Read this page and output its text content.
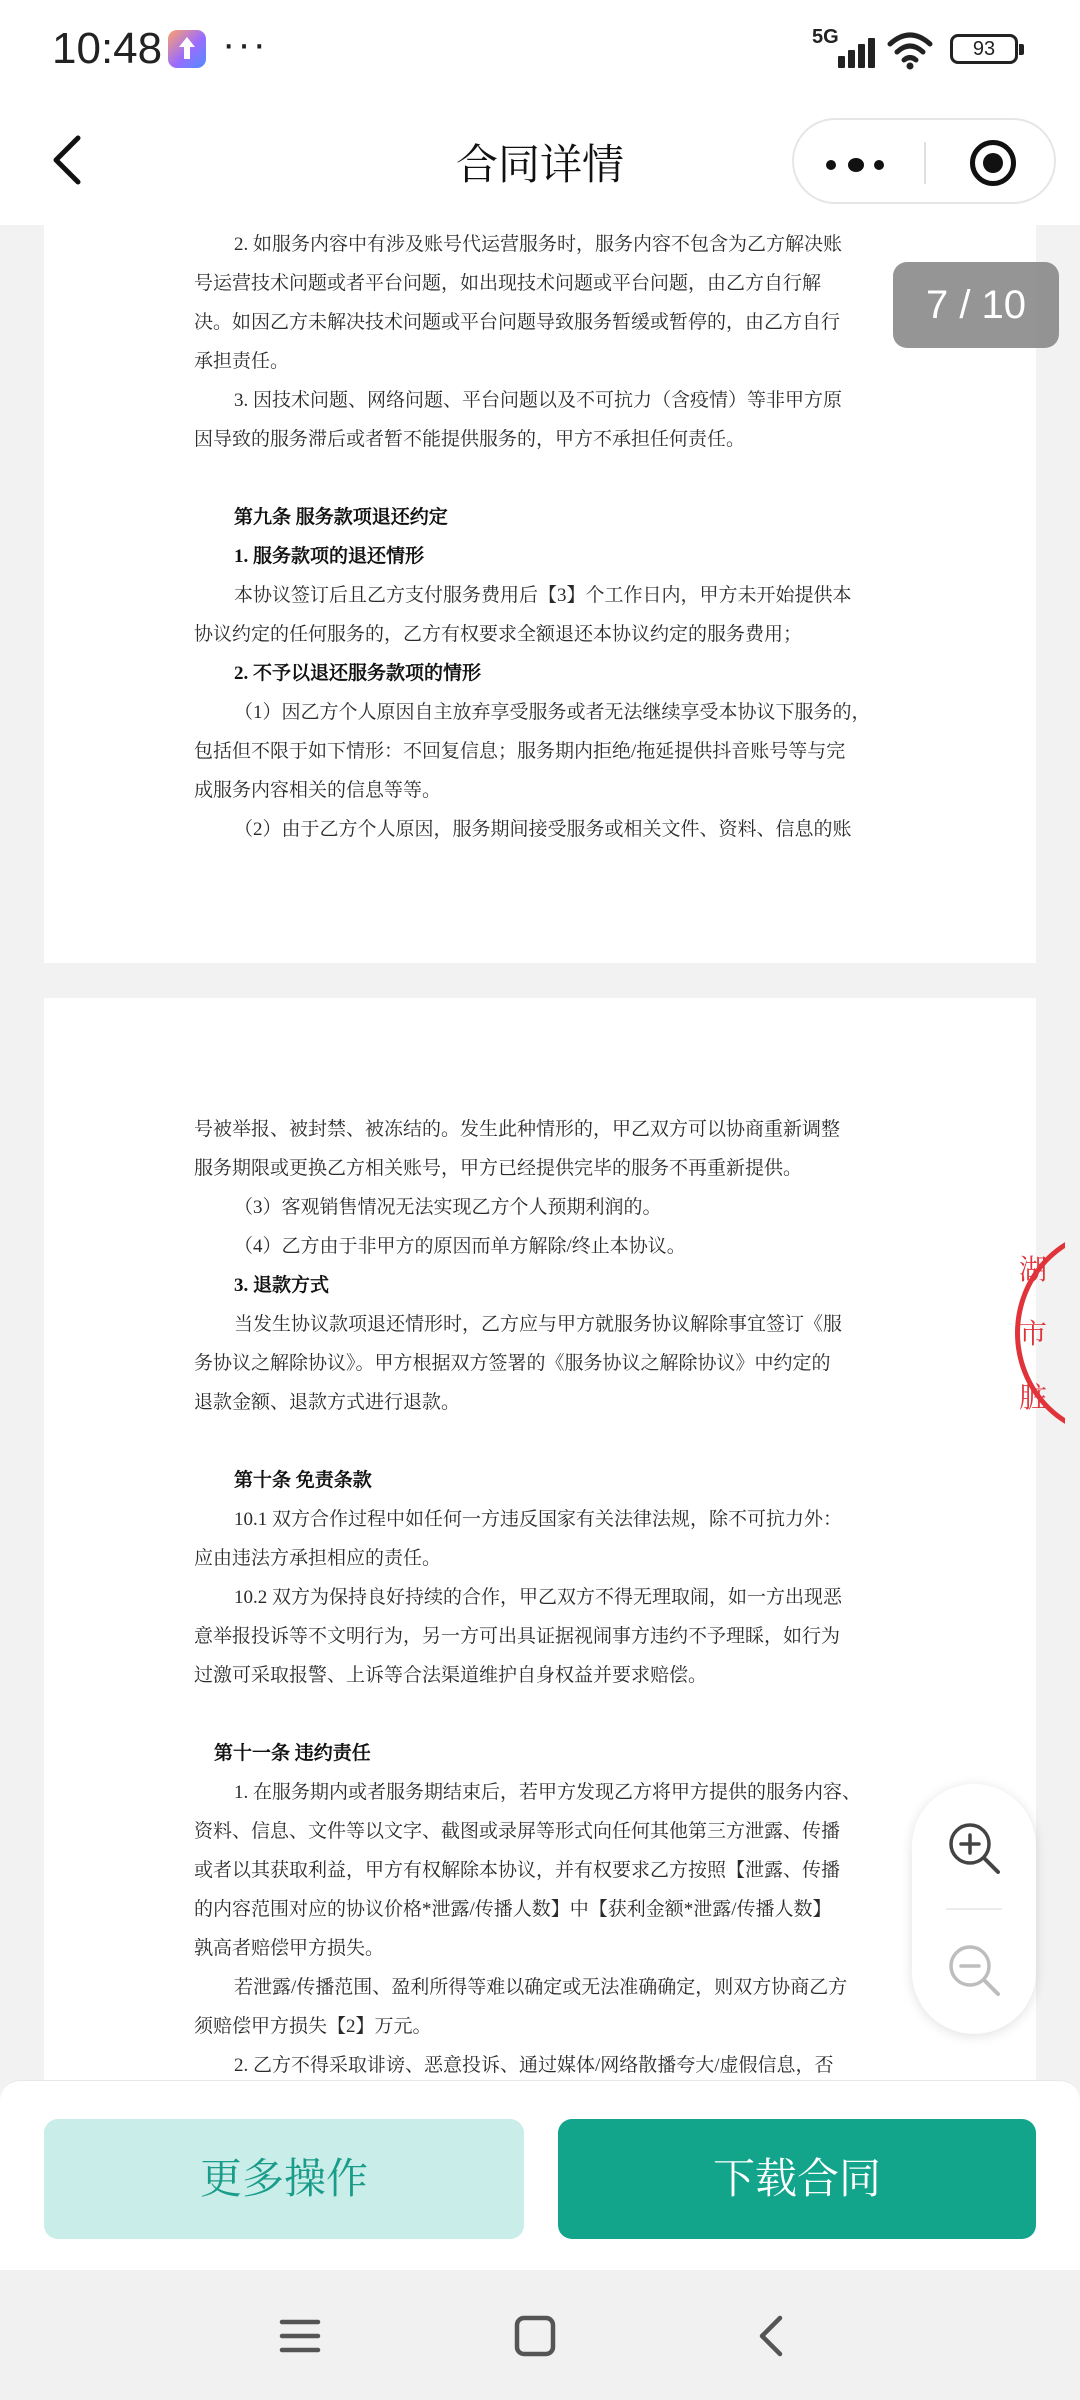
10:48 ···	5G
93
合同详情
2. 如服务内容中有涉及账号代运营服务时，服务内容不包含为乙方解决账
号运营技术问题或者平台问题，如出现技术问题或平台问题，由乙方自行解
决。如因乙方未解决技术问题或平台问题导致服务暂缓或暂停的，由乙方自行
承担责任。
3. 因技术问题、网络问题、平台问题以及不可抗力（含疫情）等非甲方原
因导致的服务滞后或者暂不能提供服务的，甲方不承担任何责任。
第九条 服务款项退还约定
1. 服务款项的退还情形
本协议签订后且乙方支付服务费用后【3】个工作日内，甲方未开始提供本
协议约定的任何服务的，乙方有权要求全额退还本协议约定的服务费用；
2. 不予以退还服务款项的情形
（1）因乙方个人原因自主放弃享受服务或者无法继续享受本协议下服务的，
包括但不限于如下情形：不回复信息；服务期内拒绝/拖延提供抖音账号等与完
成服务内容相关的信息等等。
（2）由于乙方个人原因，服务期间接受服务或相关文件、资料、信息的账
号被举报、被封禁、被冻结的。发生此种情形的，甲乙双方可以协商重新调整
服务期限或更换乙方相关账号，甲方已经提供完毕的服务不再重新提供。
（3）客观销售情况无法实现乙方个人预期利润的。
（4）乙方由于非甲方的原因而单方解除/终止本协议。
3. 退款方式
当发生协议款项退还情形时，乙方应与甲方就服务协议解除事宜签订《服
务协议之解除协议》。甲方根据双方签署的《服务协议之解除协议》中约定的
退款金额、退款方式进行退款。
第十条 免责条款
10.1 双方合作过程中如任何一方违反国家有关法律法规，除不可抗力外：
应由违法方承担相应的责任。
10.2 双方为保持良好持续的合作，甲乙双方不得无理取闹，如一方出现恶
意举报投诉等不文明行为，另一方可出具证据视闹事方违约不予理睬，如行为
过激可采取报警、上诉等合法渠道维护自身权益并要求赔偿。
第十一条 违约责任
1. 在服务期内或者服务期结束后，若甲方发现乙方将甲方提供的服务内容、
资料、信息、文件等以文字、截图或录屏等形式向任何其他第三方泄露、传播
或者以其获取利益，甲方有权解除本协议，并有权要求乙方按照【泄露、传播
的内容范围对应的协议价格*泄露/传播人数】中【获利金额*泄露/传播人数】
孰高者赔偿甲方损失。
若泄露/传播范围、盈利所得等难以确定或无法准确确定，则双方协商乙方
须赔偿甲方损失【2】万元。
2. 乙方不得采取诽谤、恶意投诉、通过媒体/网络散播夸大/虚假信息，否
湖
市
脏
7 / 10
更多操作	下载合同
